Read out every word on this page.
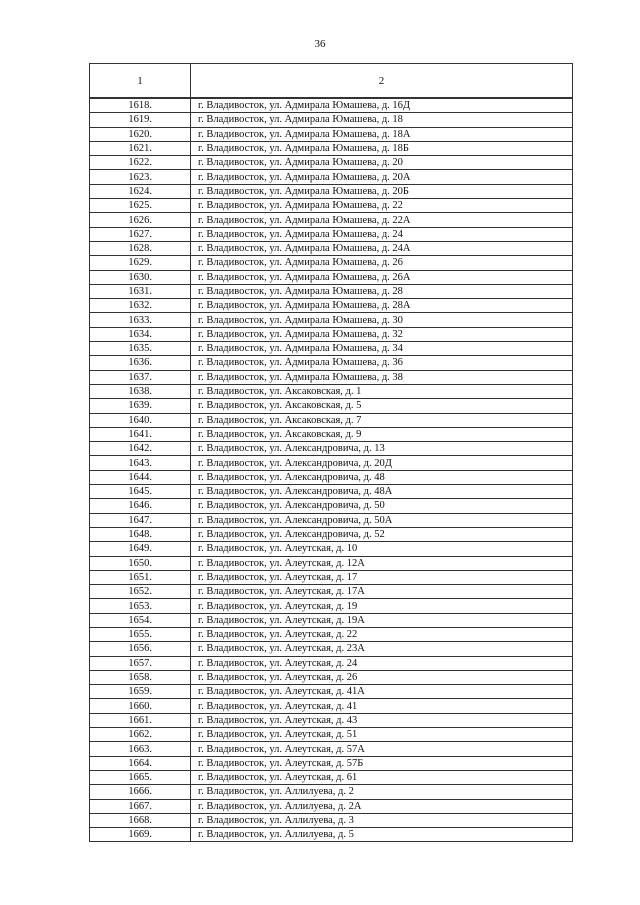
36
1	2
1618.	г. Владивосток, ул. Адмирала Юмашева, д. 16Д
1619.	г. Владивосток, ул. Адмирала Юмашева, д. 18
1620.	г. Владивосток, ул. Адмирала Юмашева, д. 18А
1621.	г. Владивосток, ул. Адмирала Юмашева, д. 18Б
1622.	г. Владивосток, ул. Адмирала Юмашева, д. 20
1623.	г. Владивосток, ул. Адмирала Юмашева, д. 20А
1624.	г. Владивосток, ул. Адмирала Юмашева, д. 20Б
1625.	г. Владивосток, ул. Адмирала Юмашева, д. 22
1626.	г. Владивосток, ул. Адмирала Юмашева, д. 22А
1627.	г. Владивосток, ул. Адмирала Юмашева, д. 24
1628.	г. Владивосток, ул. Адмирала Юмашева, д. 24А
1629.	г. Владивосток, ул. Адмирала Юмашева, д. 26
1630.	г. Владивосток, ул. Адмирала Юмашева, д. 26А
1631.	г. Владивосток, ул. Адмирала Юмашева, д. 28
1632.	г. Владивосток, ул. Адмирала Юмашева, д. 28А
1633.	г. Владивосток, ул. Адмирала Юмашева, д. 30
1634.	г. Владивосток, ул. Адмирала Юмашева, д. 32
1635.	г. Владивосток, ул. Адмирала Юмашева, д. 34
1636.	г. Владивосток, ул. Адмирала Юмашева, д. 36
1637.	г. Владивосток, ул. Адмирала Юмашева, д. 38
1638.	г. Владивосток, ул. Аксаковская, д. 1
1639.	г. Владивосток, ул. Аксаковская, д. 5
1640.	г. Владивосток, ул. Аксаковская, д. 7
1641.	г. Владивосток, ул. Аксаковская, д. 9
1642.	г. Владивосток, ул. Александровича, д. 13
1643.	г. Владивосток, ул. Александровича, д. 20Д
1644.	г. Владивосток, ул. Александровича, д. 48
1645.	г. Владивосток, ул. Александровича, д. 48А
1646.	г. Владивосток, ул. Александровича, д. 50
1647.	г. Владивосток, ул. Александровича, д. 50А
1648.	г. Владивосток, ул. Александровича, д. 52
1649.	г. Владивосток, ул. Алеутская, д. 10
1650.	г. Владивосток, ул. Алеутская, д. 12А
1651.	г. Владивосток, ул. Алеутская, д. 17
1652.	г. Владивосток, ул. Алеутская, д. 17А
1653.	г. Владивосток, ул. Алеутская, д. 19
1654.	г. Владивосток, ул. Алеутская, д. 19А
1655.	г. Владивосток, ул. Алеутская, д. 22
1656.	г. Владивосток, ул. Алеутская, д. 23А
1657.	г. Владивосток, ул. Алеутская, д. 24
1658.	г. Владивосток, ул. Алеутская, д. 26
1659.	г. Владивосток, ул. Алеутская, д. 41А
1660.	г. Владивосток, ул. Алеутская, д. 41
1661.	г. Владивосток, ул. Алеутская, д. 43
1662.	г. Владивосток, ул. Алеутская, д. 51
1663.	г. Владивосток, ул. Алеутская, д. 57А
1664.	г. Владивосток, ул. Алеутская, д. 57Б
1665.	г. Владивосток, ул. Алеутская, д. 61
1666.	г. Владивосток, ул. Аллилуева, д. 2
1667.	г. Владивосток, ул. Аллилуева, д. 2А
1668.	г. Владивосток, ул. Аллилуева, д. 3
1669.	г. Владивосток, ул. Аллилуева, д. 5
